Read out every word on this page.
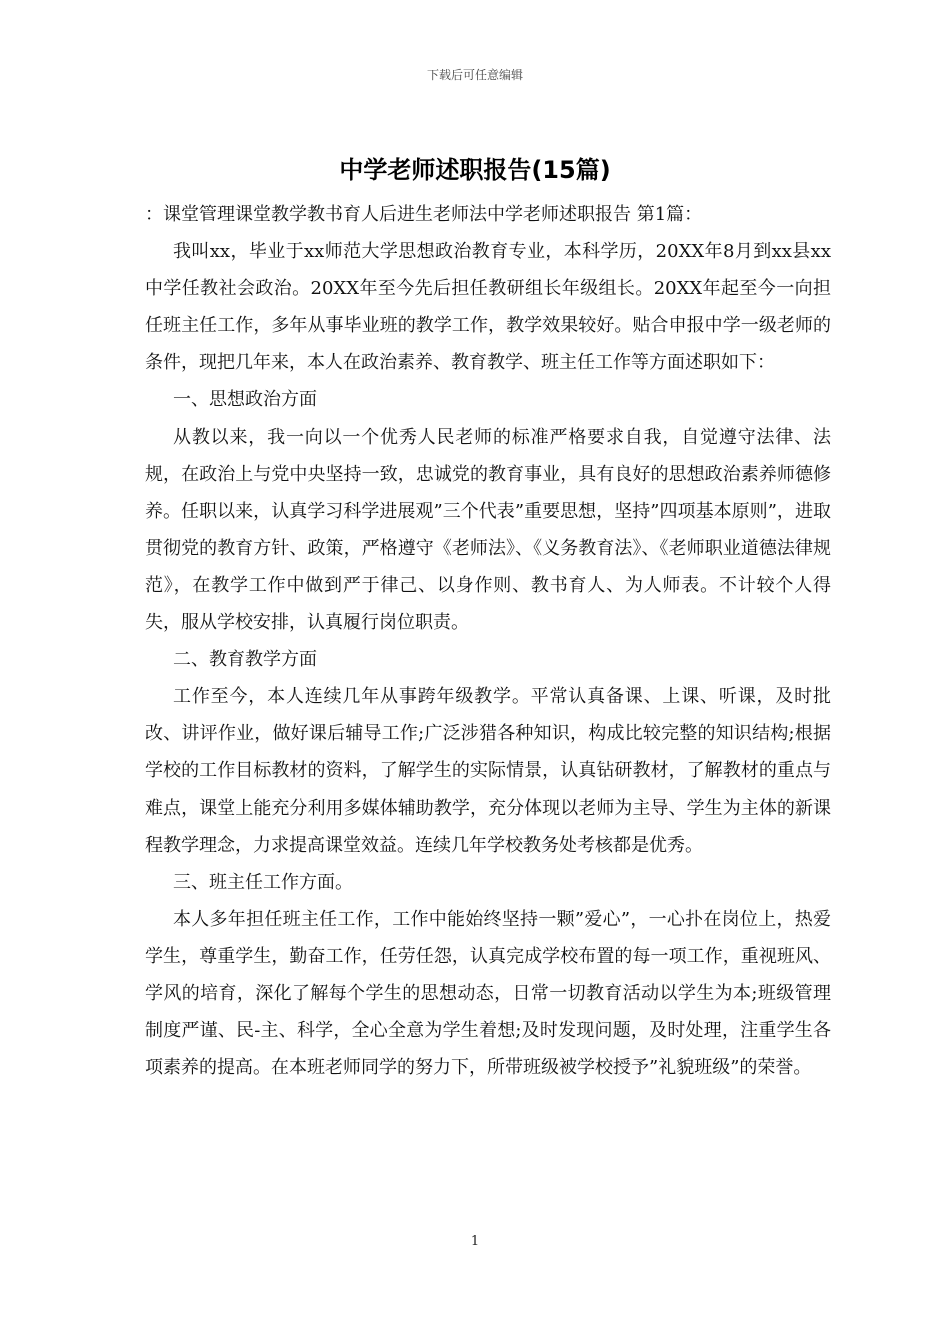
下载后可任意编辑
中学老师述职报告(15篇)

：课堂管理课堂教学教书育人后进生老师法中学老师述职报告 第1篇：

我叫xx，毕业于xx师范大学思想政治教育专业，本科学历，20XX年8月到xx县xx中学任教社会政治。20XX年至今先后担任教研组长年级组长。20XX年起至今一向担任班主任工作，多年从事毕业班的教学工作，教学效果较好。贴合申报中学一级老师的条件，现把几年来，本人在政治素养、教育教学、班主任工作等方面述职如下：

一、思想政治方面

从教以来，我一向以一个优秀人民老师的标准严格要求自我，自觉遵守法律、法规，在政治上与党中央坚持一致，忠诚党的教育事业，具有良好的思想政治素养师德修养。任职以来，认真学习科学进展观”三个代表”重要思想，坚持”四项基本原则”，进取贯彻党的教育方针、政策，严格遵守《老师法》、《义务教育法》、《老师职业道德法律规范》，在教学工作中做到严于律己、以身作则、教书育人、为人师表。不计较个人得失，服从学校安排，认真履行岗位职责。

二、教育教学方面

工作至今，本人连续几年从事跨年级教学。平常认真备课、上课、听课，及时批改、讲评作业，做好课后辅导工作;广泛涉猎各种知识，构成比较完整的知识结构;根据学校的工作目标教材的资料，了解学生的实际情景，认真钻研教材，了解教材的重点与难点，课堂上能充分利用多媒体辅助教学，充分体现以老师为主导、学生为主体的新课程教学理念，力求提高课堂效益。连续几年学校教务处考核都是优秀。

三、班主任工作方面。

本人多年担任班主任工作，工作中能始终坚持一颗”爱心”，一心扑在岗位上，热爱学生，尊重学生，勤奋工作，任劳任怨，认真完成学校布置的每一项工作，重视班风、学风的培育，深化了解每个学生的思想动态，日常一切教育活动以学生为本;班级管理制度严谨、民-主、科学，全心全意为学生着想;及时发现问题，及时处理，注重学生各项素养的提高。在本班老师同学的努力下，所带班级被学校授予”礼貌班级”的荣誉。

1
